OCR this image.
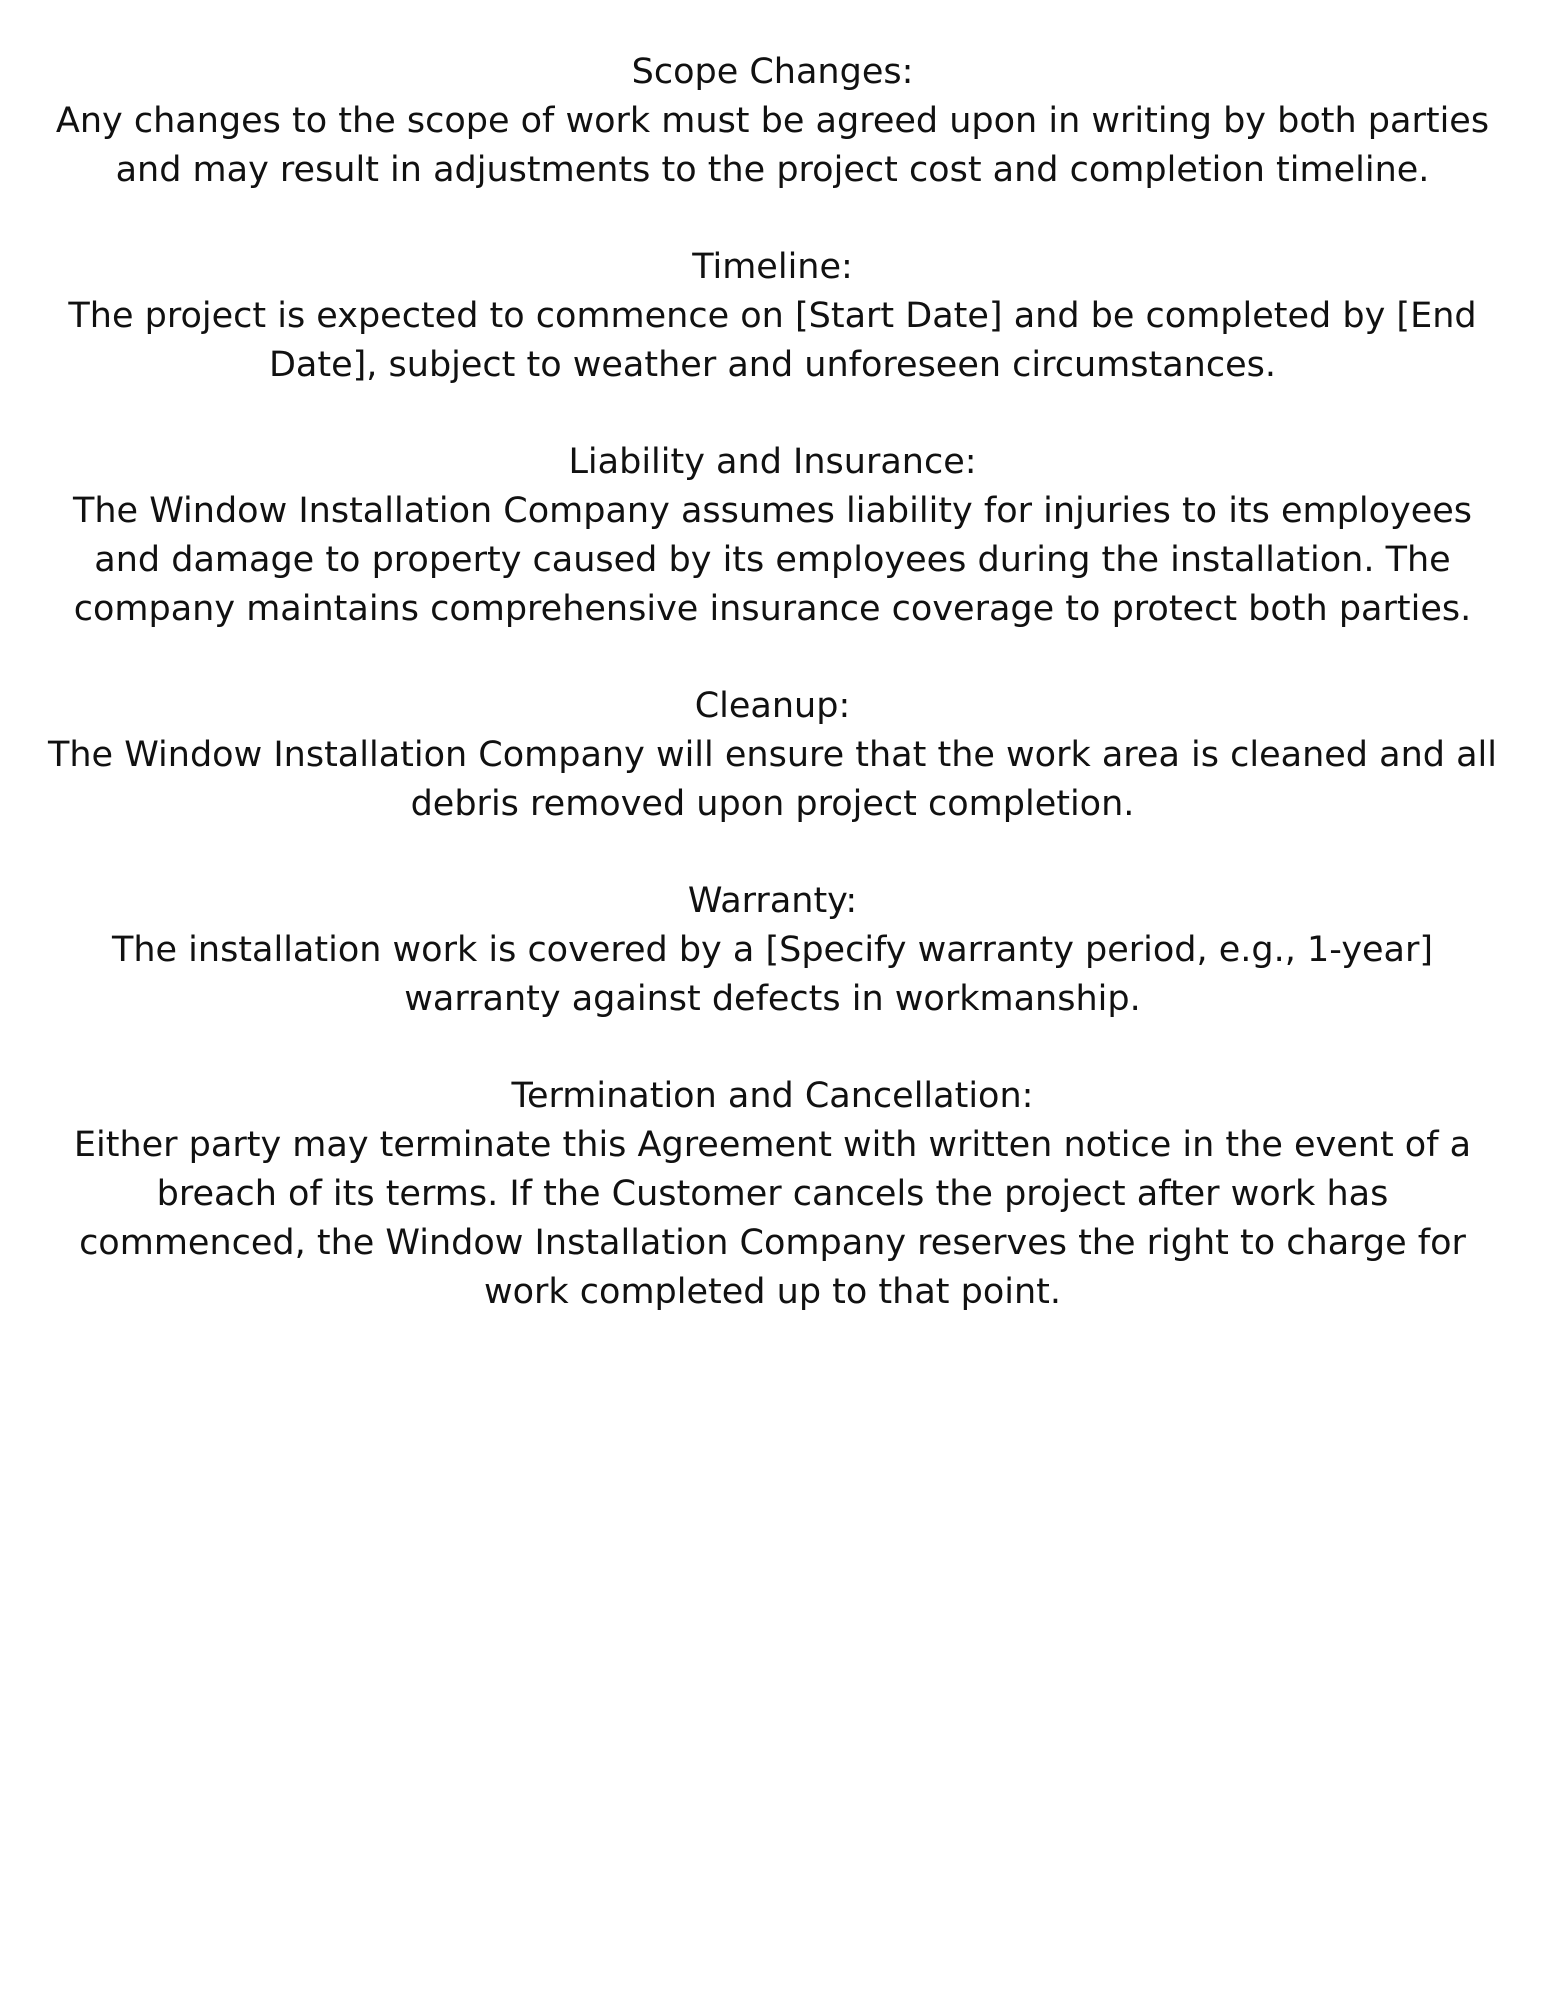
Scope Changes:

Any changes to the scope of work must be agreed upon in writing by both parties and may result in adjustments to the project cost and completion timeline.

Timeline:

The project is expected to commence on [Start Date] and be completed by [End Date], subject to weather and unforeseen circumstances.

Liability and Insurance:

The Window Installation Company assumes liability for injuries to its employees and damage to property caused by its employees during the installation. The company maintains comprehensive insurance coverage to protect both parties.

Cleanup:

The Window Installation Company will ensure that the work area is cleaned and all debris removed upon project completion.

Warranty:

The installation work is covered by a [Specify warranty period, e.g., 1-year] warranty against defects in workmanship.

Termination and Cancellation:

Either party may terminate this Agreement with written notice in the event of a breach of its terms. If the Customer cancels the project after work has commenced, the Window Installation Company reserves the right to charge for work completed up to that point.
